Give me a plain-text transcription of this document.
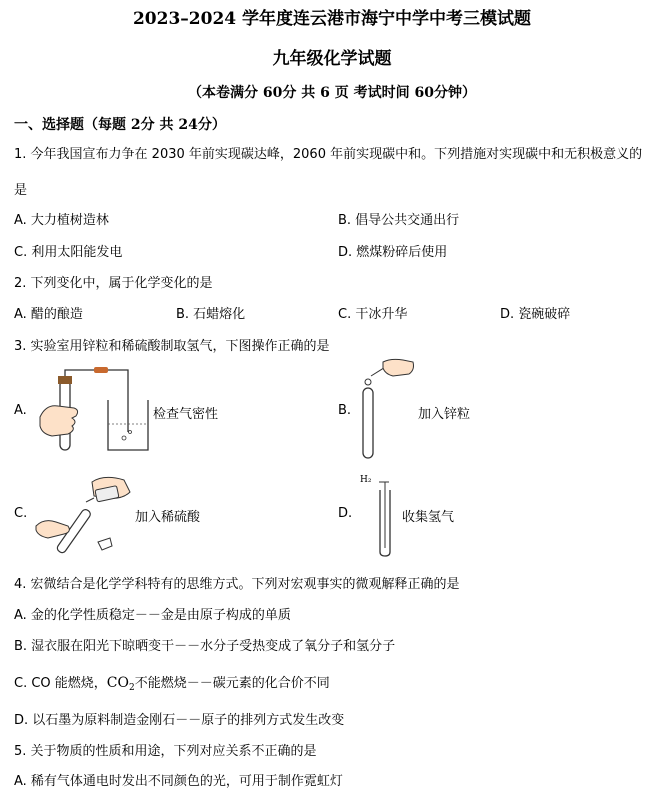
2023–2024 学年度连云港市海宁中学中考三模试题
九年级化学试题
（本卷满分 60分 共 6 页 考试时间 60分钟）
一、选择题（每题 2分 共 24分）
1. 今年我国宣布力争在 2030 年前实现碳达峰，2060 年前实现碳中和。下列措施对实现碳中和无积极意义的
是
A. 大力植树造林	B. 倡导公共交通出行
C. 利用太阳能发电	D. 燃煤粉碎后使用
2. 下列变化中，属于化学变化的是
A. 醋的酿造	B. 石蜡熔化	C. 干冰升华	D. 瓷碗破碎
3. 实验室用锌粒和稀硫酸制取氢气，下图操作正确的是
A.	检查气密性	B.	加入锌粒
C.	加入稀硫酸	D.
H₂
收集氢气
4. 宏微结合是化学学科特有的思维方式。下列对宏观事实的微观解释正确的是
A. 金的化学性质稳定－－金是由原子构成的单质
B. 湿衣服在阳光下晾晒变干－－水分子受热变成了氧分子和氢分子
C. CO 能燃烧，$CO_2$不能燃烧－－碳元素的化合价不同
D. 以石墨为原料制造金刚石－－原子的排列方式发生改变
5. 关于物质的性质和用途，下列对应关系不正确的是
A. 稀有气体通电时发出不同颜色的光，可用于制作霓虹灯
